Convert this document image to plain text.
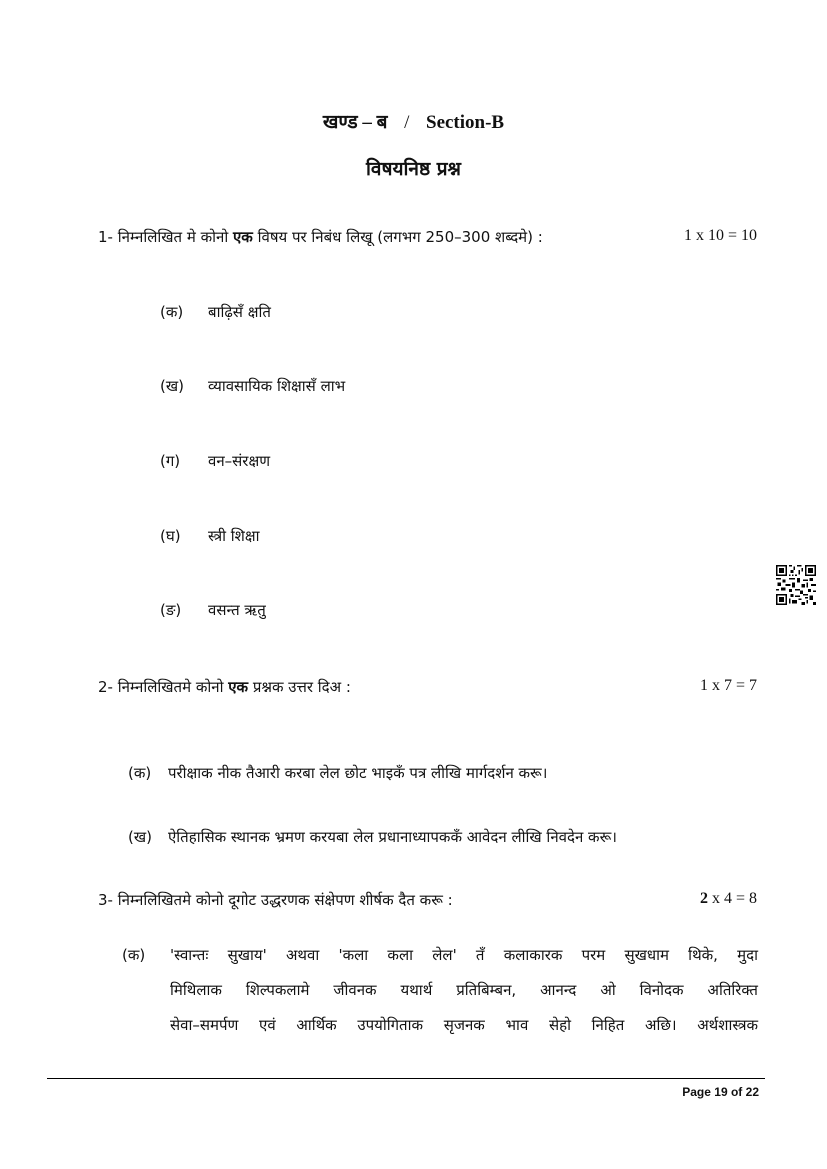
खण्ड – ब / Section-B
विषयनिष्ठ प्रश्न
1- निम्नलिखित मे कोनो एक विषय पर निबंध लिखू (लगभग 250–300 शब्दमे) :	1 x 10 = 10
(क) बाढ़िसँ क्षति
(ख) व्यावसायिक शिक्षासँ लाभ
(ग) वन–संरक्षण
(घ) स्त्री शिक्षा
(ङ) वसन्त ऋतु
2- निम्नलिखितमे कोनो एक प्रश्नक उत्तर दिअ :	1 x 7 = 7
(क) परीक्षाक नीक तैआरी करबा लेल छोट भाइकँ पत्र लीखि मार्गदर्शन करू।
(ख) ऐतिहासिक स्थानक भ्रमण करयबा लेल प्रधानाध्यापककँ आवेदन लीखि निवदेन करू।
3- निम्नलिखितमे कोनो दूगोट उद्धरणक संक्षेपण शीर्षक दैत करू :	2 x 4 = 8
(क) 'स्वान्तः सुखाय' अथवा 'कला कला लेल' तँ कलाकारक परम सुखधाम थिके, मुदा
मिथिलाक शिल्पकलामे जीवनक यथार्थ प्रतिबिम्बन, आनन्द ओ विनोदक अतिरिक्त
सेवा–समर्पण एवं आर्थिक उपयोगिताक सृजनक भाव सेहो निहित अछि। अर्थशास्त्रक
Page 19 of 22
